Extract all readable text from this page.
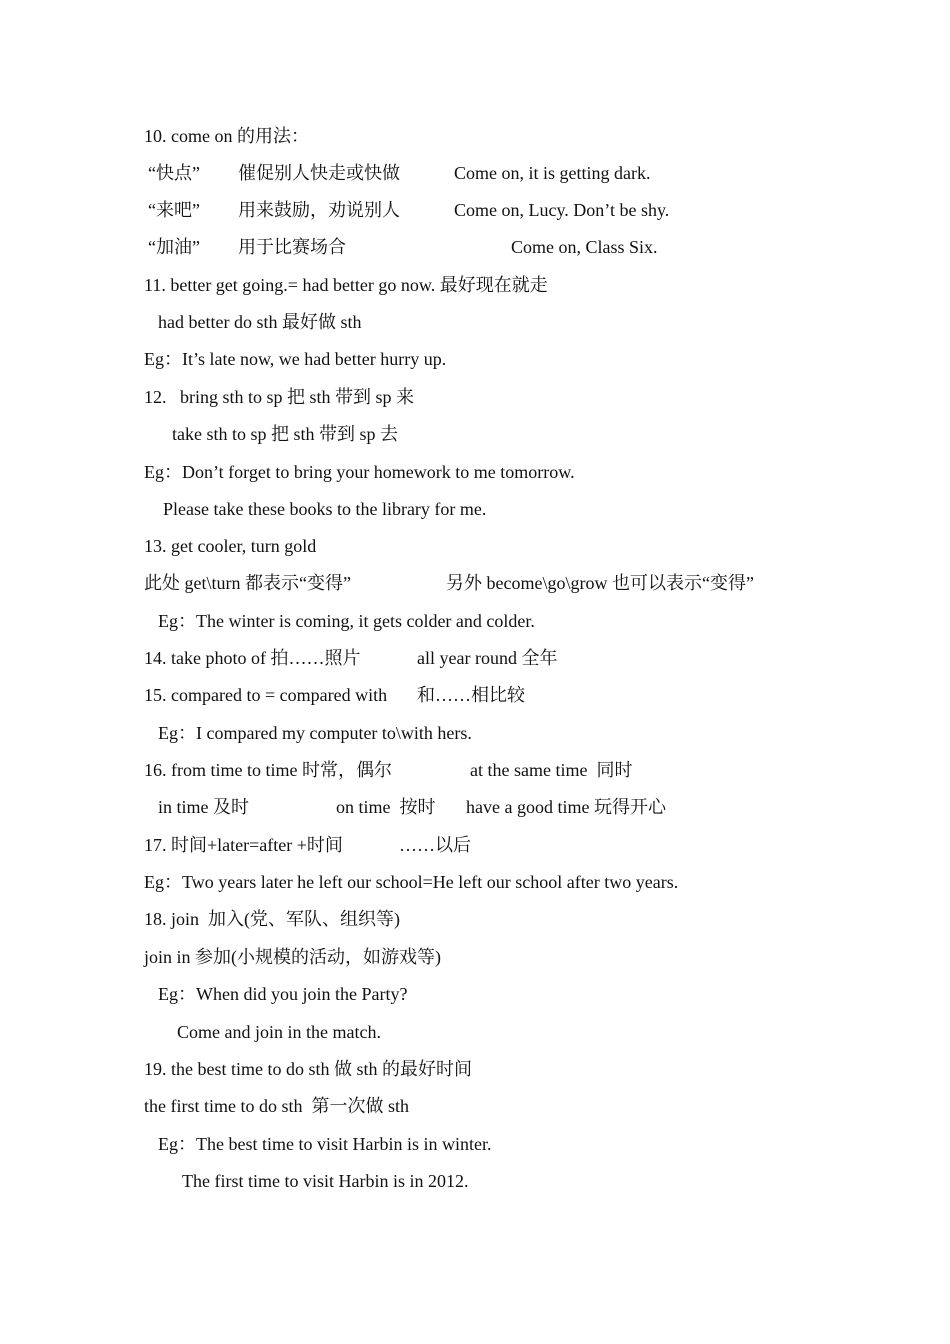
10. come on 的用法：
“快点” 催促别人快走或快做	Come on, it is getting dark.
“来吧” 用来鼓励，劝说别人	Come on, Lucy. Don’t be shy.
“加油” 用于比赛场合	Come on, Class Six.
11. better get going.= had better go now. 最好现在就走
had better do sth 最好做 sth
Eg：It’s late now, we had better hurry up.
12.   bring sth to sp 把 sth 带到 sp 来
take sth to sp 把 sth 带到 sp 去
Eg：Don’t forget to bring your homework to me tomorrow.
Please take these books to the library for me.
13. get cooler, turn gold
此处 get\turn 都表示“变得”	另外 become\go\grow 也可以表示“变得”
Eg：The winter is coming, it gets colder and colder.
14. take photo of 拍……照片	all year round 全年
15. compared to = compared with 和……相比较
Eg：I compared my computer to\with hers.
16. from time to time 时常，偶尔	at the same time  同时
in time 及时	on time  按时 have a good time 玩得开心
17. 时间+later=after +时间	……以后
Eg：Two years later he left our school=He left our school after two years.
18. join  加入(党、军队、组织等)
join in 参加(小规模的活动，如游戏等)
Eg：When did you join the Party?
Come and join in the match.
19. the best time to do sth 做 sth 的最好时间
the first time to do sth  第一次做 sth
Eg：The best time to visit Harbin is in winter.
The first time to visit Harbin is in 2012.
